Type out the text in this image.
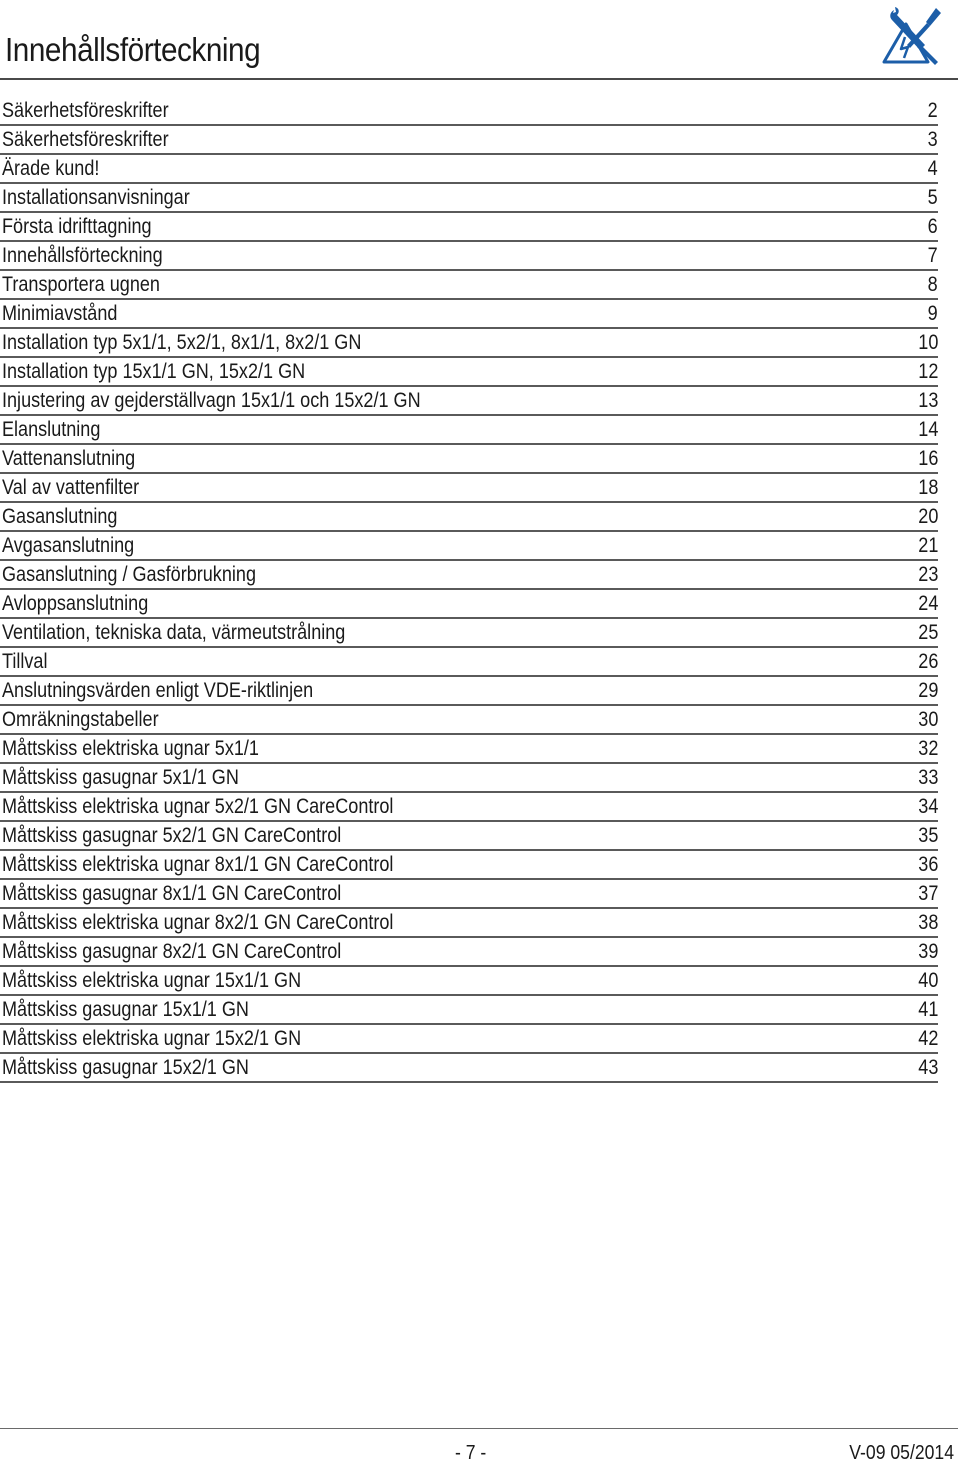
Innehållsförteckning
Säkerhetsföreskrifter	2
Säkerhetsföreskrifter	3
Ärade kund!	4
Installationsanvisningar	5
Första idrifttagning	6
Innehållsförteckning	7
Transportera ugnen	8
Minimiavstånd	9
Installation typ 5x1/1, 5x2/1, 8x1/1, 8x2/1 GN	10
Installation typ 15x1/1 GN, 15x2/1 GN	12
Injustering av gejderställvagn 15x1/1 och 15x2/1 GN	13
Elanslutning	14
Vattenanslutning	16
Val av vattenfilter	18
Gasanslutning	20
Avgasanslutning	21
Gasanslutning / Gasförbrukning	23
Avloppsanslutning	24
Ventilation, tekniska data, värmeutstrålning	25
Tillval	26
Anslutningsvärden enligt VDE-riktlinjen	29
Omräkningstabeller	30
Måttskiss elektriska ugnar 5x1/1	32
Måttskiss gasugnar 5x1/1 GN	33
Måttskiss elektriska ugnar 5x2/1 GN CareControl	34
Måttskiss gasugnar 5x2/1 GN CareControl	35
Måttskiss elektriska ugnar 8x1/1 GN CareControl	36
Måttskiss gasugnar 8x1/1 GN CareControl	37
Måttskiss elektriska ugnar 8x2/1 GN CareControl	38
Måttskiss gasugnar 8x2/1 GN CareControl	39
Måttskiss elektriska ugnar 15x1/1 GN	40
Måttskiss gasugnar 15x1/1 GN	41
Måttskiss elektriska ugnar 15x2/1 GN	42
Måttskiss gasugnar 15x2/1 GN	43
- 7 -	V-09 05/2014
